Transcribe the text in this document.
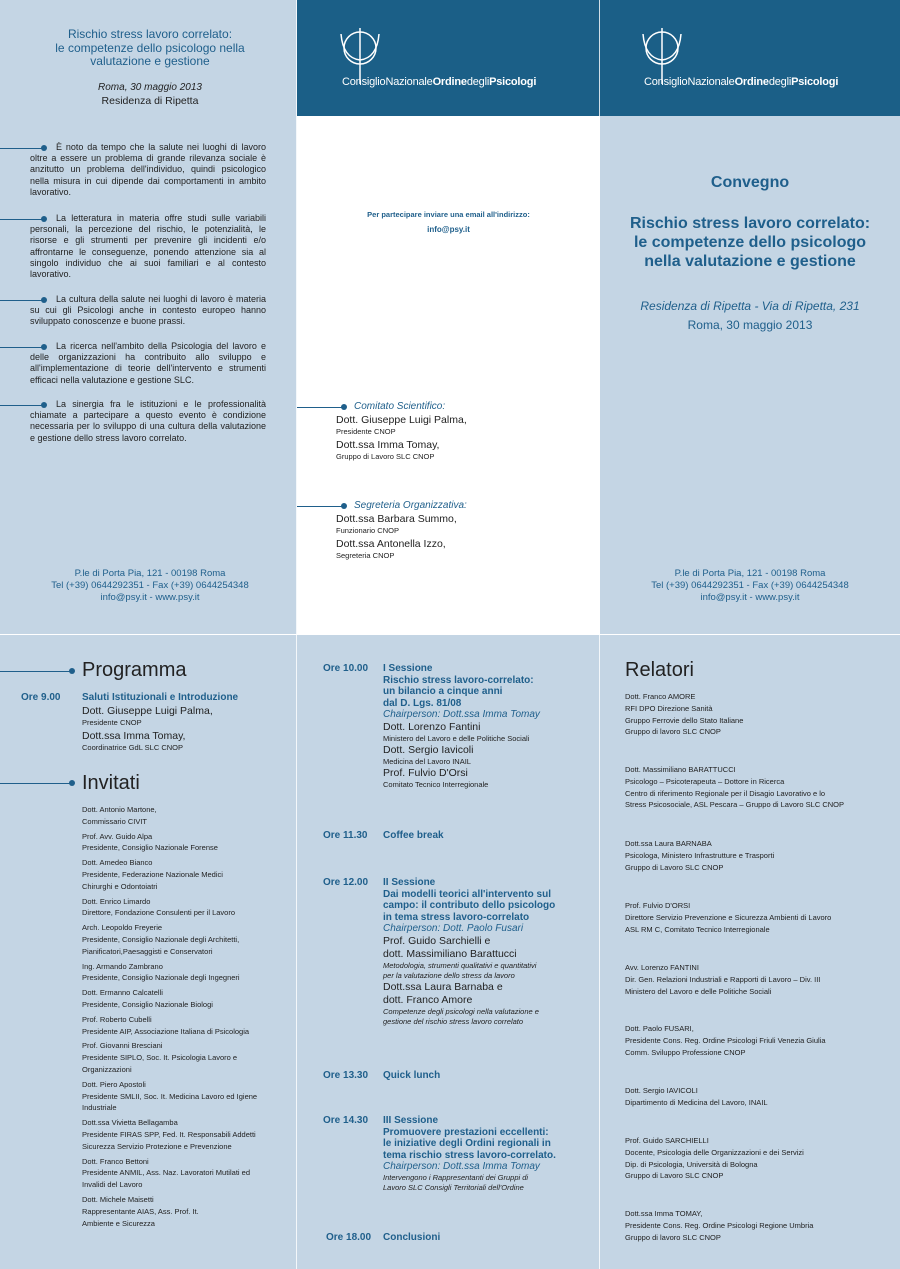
ConsiglioNazionaleOrdinedegliPsicologi	ConsiglioNazionaleOrdinedegliPsicologi
Rischio stress lavoro correlato:
le competenze dello psicologo nella
valutazione e gestione
Roma, 30 maggio 2013
Residenza di Ripetta
È noto da tempo che la salute nei luoghi di lavoro oltre a essere un problema di grande rilevanza sociale è anzitutto un problema dell'individuo, quindi psicologico nella misura in cui dipende dai comportamenti in ambito lavorativo.
La letteratura in materia offre studi sulle variabili personali, la percezione del rischio, le potenzialità, le risorse e gli strumenti per prevenire gli incidenti e/o affrontarne le conseguenze, ponendo attenzione sia al singolo individuo che ai suoi familiari e al contesto lavorativo.
La cultura della salute nei luoghi di lavoro è materia su cui gli Psicologi anche in contesto europeo hanno sviluppato conoscenze e buone prassi.
La ricerca nell'ambito della Psicologia del lavoro e delle organizzazioni ha contribuito allo sviluppo e all'implementazione di teorie dell'intervento e strumenti efficaci nella valutazione e gestione SLC.
La sinergia fra le istituzioni e le professionalità chiamate a partecipare a questo evento è condizione necessaria per lo sviluppo di una cultura della valutazione e gestione dello stress lavoro correlato.
P.le di Porta Pia, 121 - 00198 Roma
Tel (+39) 0644292351 - Fax (+39) 0644254348
info@psy.it - www.psy.it
Per partecipare inviare una email all'indirizzo:
info@psy.it
Comitato Scientifico:
Dott. Giuseppe Luigi Palma,
Presidente CNOP
Dott.ssa Imma Tomay,
Gruppo di Lavoro SLC CNOP
Segreteria Organizzativa:
Dott.ssa Barbara Summo,
Funzionario CNOP
Dott.ssa Antonella Izzo,
Segreteria CNOP
Convegno
Rischio stress lavoro correlato:
le competenze dello psicologo
nella valutazione e gestione
Residenza di Ripetta - Via di Ripetta, 231
Roma, 30 maggio 2013
P.le di Porta Pia, 121 - 00198 Roma
Tel (+39) 0644292351 - Fax (+39) 0644254348
info@psy.it - www.psy.it
Programma
Ore 9.00 Saluti Istituzionali e Introduzione
Dott. Giuseppe Luigi Palma,
Presidente CNOP
Dott.ssa Imma Tomay,
Coordinatrice GdL SLC CNOP
Invitati
Dott. Antonio Martone,
Commissario CIVIT
Prof. Avv. Guido Alpa
Presidente, Consiglio Nazionale Forense
Dott. Amedeo Bianco
Presidente, Federazione Nazionale Medici
Chirurghi e Odontoiatri
Dott. Enrico Limardo
Direttore, Fondazione Consulenti per il Lavoro
Arch. Leopoldo Freyerie
Presidente, Consiglio Nazionale degli Architetti,
Pianificatori,Paesaggisti e Conservatori
Ing. Armando Zambrano
Presidente, Consiglio Nazionale degli Ingegneri
Dott. Ermanno Calcatelli
Presidente, Consiglio Nazionale Biologi
Prof. Roberto Cubelli
Presidente AIP, Associazione Italiana di Psicologia
Prof. Giovanni Bresciani
Presidente SIPLO, Soc. It. Psicologia Lavoro e
Organizzazioni
Dott. Piero Apostoli
Presidente SMLII, Soc. It. Medicina Lavoro ed Igiene
Industriale
Dott.ssa Vivietta Bellagamba
Presidente FIRAS SPP, Fed. It. Responsabili Addetti
Sicurezza Servizio Protezione e Prevenzione
Dott. Franco Bettoni
Presidente ANMIL, Ass. Naz. Lavoratori Mutilati ed
Invalidi del Lavoro
Dott. Michele Maisetti
Rappresentante AIAS, Ass. Prof. It.
Ambiente e Sicurezza
Ore 10.00 I Sessione
Rischio stress lavoro-correlato:
un bilancio a cinque anni
dal D. Lgs. 81/08
Chairperson: Dott.ssa Imma Tomay
Dott. Lorenzo Fantini
Ministero del Lavoro e delle Politiche Sociali
Dott. Sergio Iavicoli
Medicina del Lavoro INAIL
Prof. Fulvio D'Orsi
Comitato Tecnico Interregionale
Ore 11.30 Coffee break
Ore 12.00 II Sessione
Dai modelli teorici all'intervento sul
campo: il contributo dello psicologo
in tema stress lavoro-correlato
Chairperson: Dott. Paolo Fusari
Prof. Guido Sarchielli e
dott. Massimiliano Barattucci
Metodologia, strumenti qualitativi e quantitativi
per la valutazione dello stress da lavoro
Dott.ssa Laura Barnaba e
dott. Franco Amore
Competenze degli psicologi nella valutazione e
gestione del rischio stress lavoro correlato
Ore 13.30 Quick lunch
Ore 14.30 III Sessione
Promuovere prestazioni eccellenti:
le iniziative degli Ordini regionali in
tema rischio stress lavoro-correlato.
Chairperson: Dott.ssa Imma Tomay
Intervengono i Rappresentanti dei Gruppi di
Lavoro SLC Consigli Territoriali dell'Ordine
Ore 18.00 Conclusioni
Relatori
Dott. Franco AMORE
RFI DPO Direzione Sanità
Gruppo Ferrovie dello Stato Italiane
Gruppo di lavoro SLC CNOP
Dott. Massimiliano BARATTUCCI
Psicologo – Psicoterapeuta – Dottore in Ricerca
Centro di riferimento Regionale per il Disagio Lavorativo e lo
Stress Psicosociale, ASL Pescara – Gruppo di Lavoro SLC CNOP
Dott.ssa Laura BARNABA
Psicologa, Ministero Infrastrutture e Trasporti
Gruppo di Lavoro SLC CNOP
Prof. Fulvio D'ORSI
Direttore Servizio Prevenzione e Sicurezza Ambienti di Lavoro
ASL RM C, Comitato Tecnico Interregionale
Avv. Lorenzo FANTINI
Dir. Gen. Relazioni Industriali e Rapporti di Lavoro – Div. III
Ministero del Lavoro e delle Politiche Sociali
Dott. Paolo FUSARI,
Presidente Cons. Reg. Ordine Psicologi Friuli Venezia Giulia
Comm. Sviluppo Professione CNOP
Dott. Sergio IAVICOLI
Dipartimento di Medicina del Lavoro, INAIL
Prof. Guido SARCHIELLI
Docente, Psicologia delle Organizzazioni e dei Servizi
Dip. di Psicologia, Università di Bologna
Gruppo di Lavoro SLC CNOP
Dott.ssa Imma TOMAY,
Presidente Cons. Reg. Ordine Psicologi Regione Umbria
Gruppo di lavoro SLC CNOP
